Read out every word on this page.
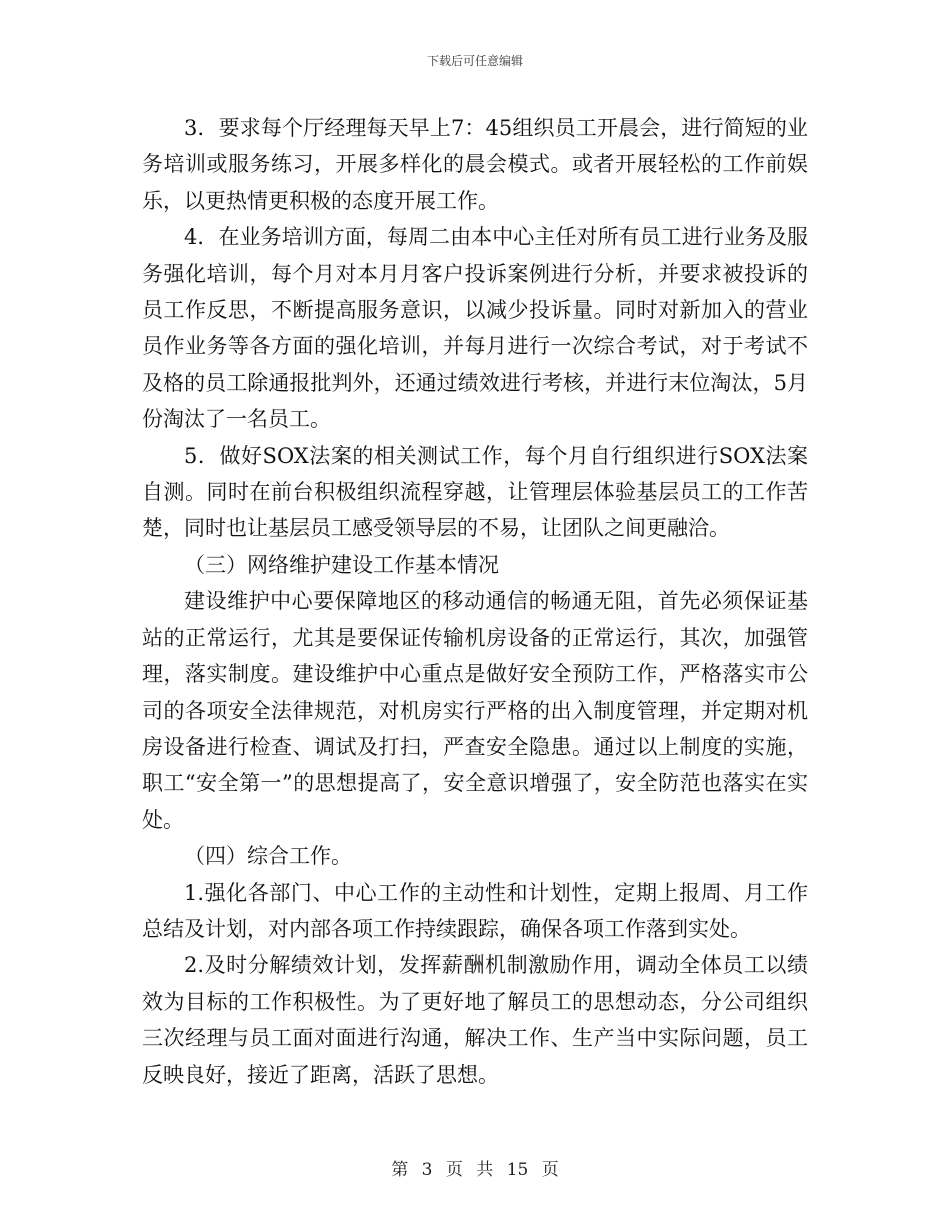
下载后可任意编辑

3．要求每个厅经理每天早上7：45组织员工开晨会，进行简短的业务培训或服务练习，开展多样化的晨会模式。或者开展轻松的工作前娱乐，以更热情更积极的态度开展工作。

4．在业务培训方面，每周二由本中心主任对所有员工进行业务及服务强化培训，每个月对本月月客户投诉案例进行分析，并要求被投诉的员工作反思，不断提高服务意识，以减少投诉量。同时对新加入的营业员作业务等各方面的强化培训，并每月进行一次综合考试，对于考试不及格的员工除通报批判外，还通过绩效进行考核，并进行末位淘汰，5月份淘汰了一名员工。

5．做好SOX法案的相关测试工作，每个月自行组织进行SOX法案自测。同时在前台积极组织流程穿越，让管理层体验基层员工的工作苦楚，同时也让基层员工感受领导层的不易，让团队之间更融洽。

（三）网络维护建设工作基本情况

建设维护中心要保障地区的移动通信的畅通无阻，首先必须保证基站的正常运行，尤其是要保证传输机房设备的正常运行，其次，加强管理，落实制度。建设维护中心重点是做好安全预防工作，严格落实市公司的各项安全法律规范，对机房实行严格的出入制度管理，并定期对机房设备进行检查、调试及打扫，严查安全隐患。通过以上制度的实施，职工“安全第一”的思想提高了，安全意识增强了，安全防范也落实在实处。

（四）综合工作。

1.强化各部门、中心工作的主动性和计划性，定期上报周、月工作总结及计划，对内部各项工作持续跟踪，确保各项工作落到实处。

2.及时分解绩效计划，发挥薪酬机制激励作用，调动全体员工以绩效为目标的工作积极性。为了更好地了解员工的思想动态，分公司组织三次经理与员工面对面进行沟通，解决工作、生产当中实际问题，员工反映良好，接近了距离，活跃了思想。

第 3 页 共 15 页
